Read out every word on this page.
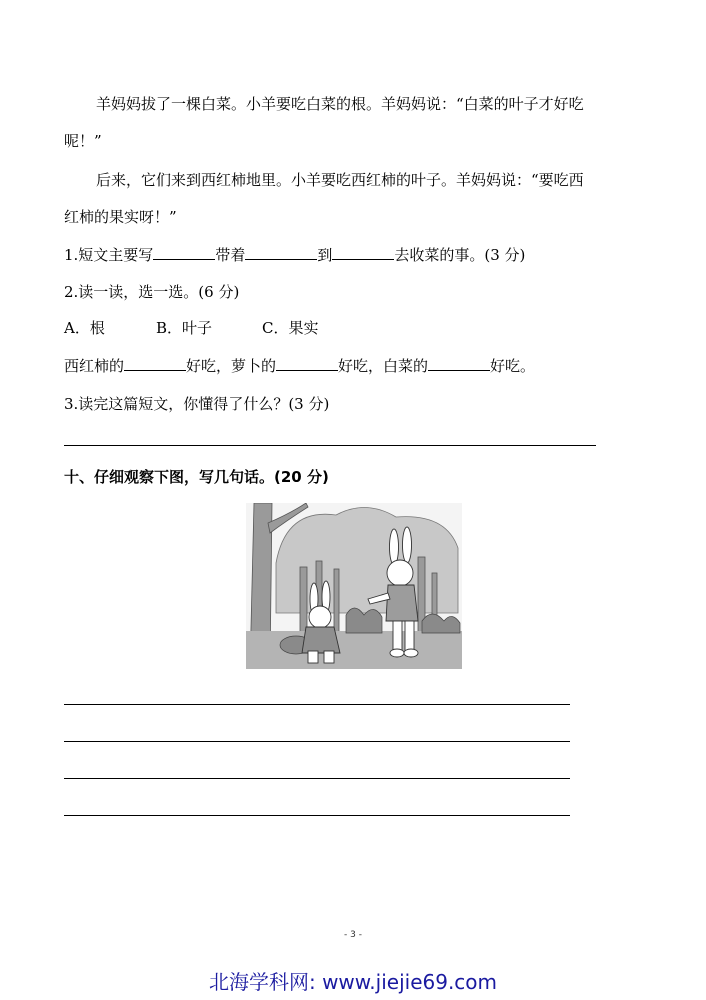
羊妈妈拔了一棵白菜。小羊要吃白菜的根。羊妈妈说：“白菜的叶子才好吃
呢！”
后来，它们来到西红柿地里。小羊要吃西红柿的叶子。羊妈妈说：“要吃西
红柿的果实呀！”
1.短文主要写	带着	到	去收菜的事。(3 分)
2.读一读，选一选。(6 分)
A．根	B．叶子	C．果实
西红柿的	好吃，萝卜的	好吃，白菜的	好吃。
3.读完这篇短文，你懂得了什么？(3 分)
十、仔细观察下图，写几句话。(20 分)
- 3 -
北海学科网: www.jiejie69.com
